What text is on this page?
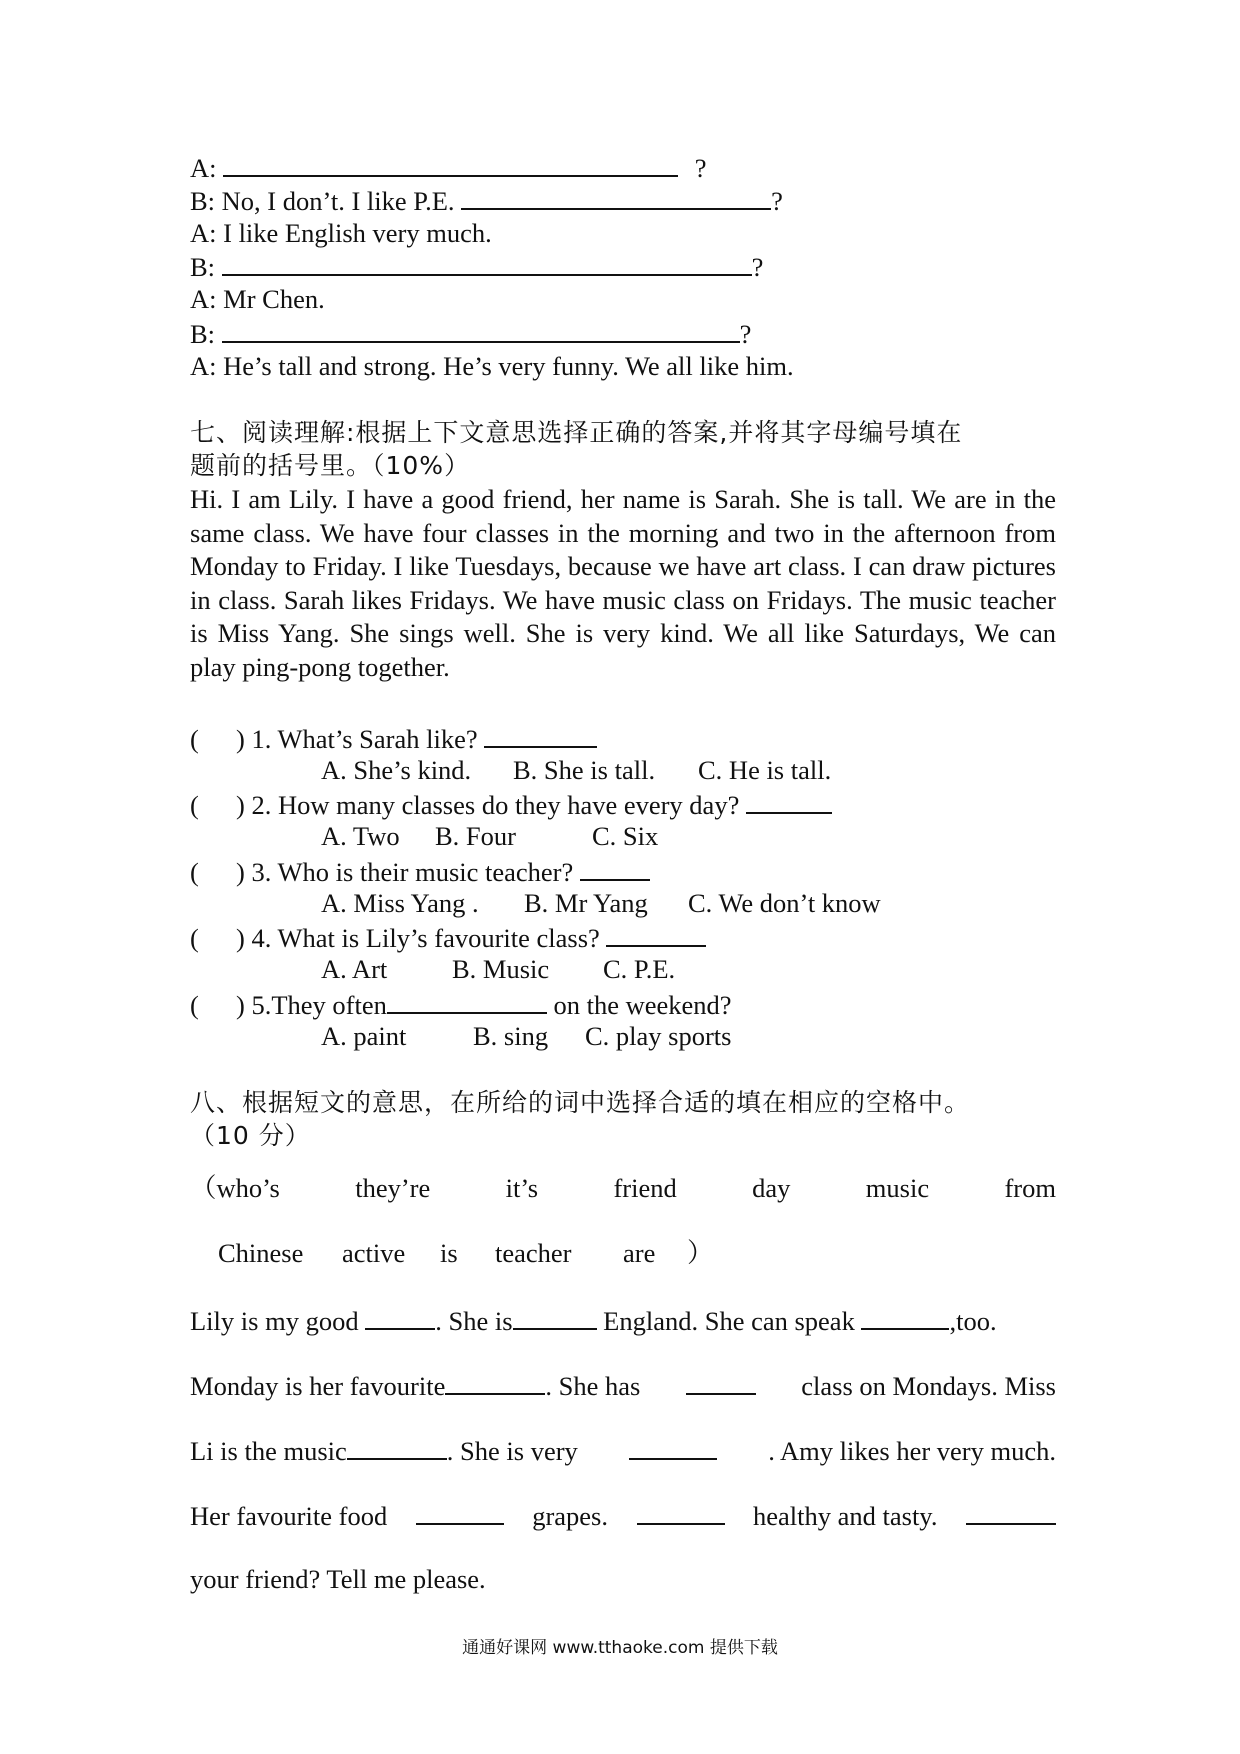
A:	?
B: No, I don’t. I like P.E.	?
A: I like English very much.
B:	?
A: Mr Chen.
B:	?
A: He’s tall and strong. He’s very funny. We all like him.
七、阅读理解:根据上下文意思选择正确的答案,并将其字母编号填在
题前的括号里。（10%）
Hi. I am Lily. I have a good friend, her name is Sarah. She is tall. We are in the same class. We have four classes in the morning and two in the afternoon from Monday to Friday. I like Tuesdays, because we have art class. I can draw pictures in class. Sarah likes Fridays. We have music class on Fridays. The music teacher is Miss Yang. She sings well. She is very kind. We all like Saturdays, We can play ping-pong together.
( ) 1. What’s Sarah like?
A. She’s kind. B. She is tall. C. He is tall.
( ) 2. How many classes do they have every day?
A. Two B. Four	C. Six
( ) 3. Who is their music teacher?
A. Miss Yang . B. Mr Yang C. We don’t know
( ) 4. What is Lily’s favourite class?
A. Art B. Music C. P.E.
( ) 5.They often	on the weekend?
A. paint	B. sing C. play sports
八、根据短文的意思，在所给的词中选择合适的填在相应的空格中。
（10 分）
（who’s	they’re	it’s	friend	day	music	from
Chinese active is teacher are ）
Lily is my good	. She is	England. She can speak	,too.
Monday is her favourite	. She has	class on Mondays. Miss
Li is the music	. She is very	. Amy likes her very much.
Her favourite food	grapes.	healthy and tasty.
your friend? Tell me please.
通通好课网 www.tthaoke.com 提供下载
